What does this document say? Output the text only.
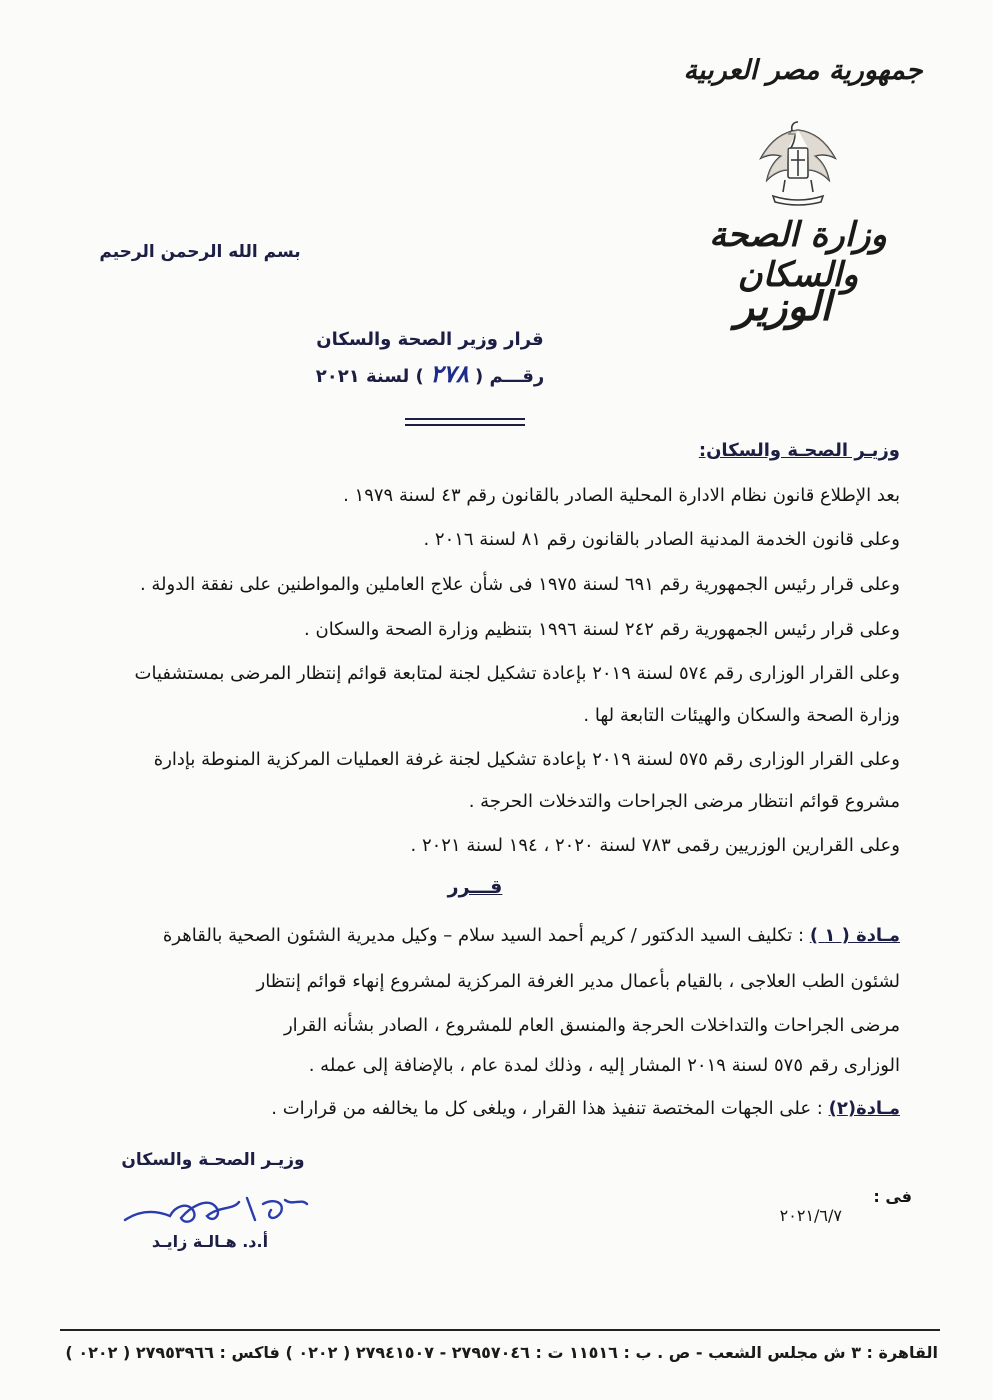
جمهورية مصر العربية
وزارة الصحة والسكان
الوزير
بسم الله الرحمن الرحيم
قرار وزير الصحة والسكان
رقـــم ( ٢٧٨ ) لسنة ٢٠٢١
وزيـر الصحـة والسكان:
بعد الإطلاع قانون نظام الادارة المحلية الصادر بالقانون رقم ٤٣ لسنة ١٩٧٩ .
وعلى قانون الخدمة المدنية الصادر بالقانون رقم ٨١ لسنة ٢٠١٦ .
وعلى قرار رئيس الجمهورية رقم ٦٩١ لسنة ١٩٧٥ فى شأن علاج العاملين والمواطنين على نفقة الدولة .
وعلى قرار رئيس الجمهورية رقم ٢٤٢ لسنة ١٩٩٦ بتنظيم وزارة الصحة والسكان .
وعلى القرار الوزارى رقم ٥٧٤ لسنة ٢٠١٩ بإعادة تشكيل لجنة لمتابعة قوائم إنتظار المرضى بمستشفيات
وزارة الصحة والسكان والهيئات التابعة لها .
وعلى القرار الوزارى رقم ٥٧٥ لسنة ٢٠١٩ بإعادة تشكيل لجنة غرفة العمليات المركزية المنوطة بإدارة
مشروع قوائم انتظار مرضى الجراحات والتدخلات الحرجة .
وعلى القرارين الوزريين رقمى ٧٨٣ لسنة ٢٠٢٠ ، ١٩٤ لسنة ٢٠٢١ .
قـــرر
مـادة ( ١ ) : تكليف السيد الدكتور / كريم أحمد السيد سلام – وكيل مديرية الشئون الصحية بالقاهرة
لشئون الطب العلاجى ، بالقيام بأعمال مدير الغرفة المركزية لمشروع إنهاء قوائم إنتظار
مرضى الجراحات والتداخلات الحرجة والمنسق العام للمشروع ، الصادر بشأنه القرار
الوزارى رقم ٥٧٥ لسنة ٢٠١٩ المشار إليه ، وذلك لمدة عام ، بالإضافة إلى عمله .
مـادة(٢) : على الجهات المختصة تنفيذ هذا القرار ، ويلغى كل ما يخالفه من قرارات .
وزيـر الصحـة والسكان
أ.د. هـالـة زايـد
فى : ٢٠٢١/٦/٧
القاهرة : ٣ ش مجلس الشعب - ص . ب : ١١٥١٦ ت : ٢٧٩٥٧٠٤٦ - ٢٧٩٤١٥٠٧ ( ٠٢٠٢ ) فاكس : ٢٧٩٥٣٩٦٦ ( ٠٢٠٢ )
